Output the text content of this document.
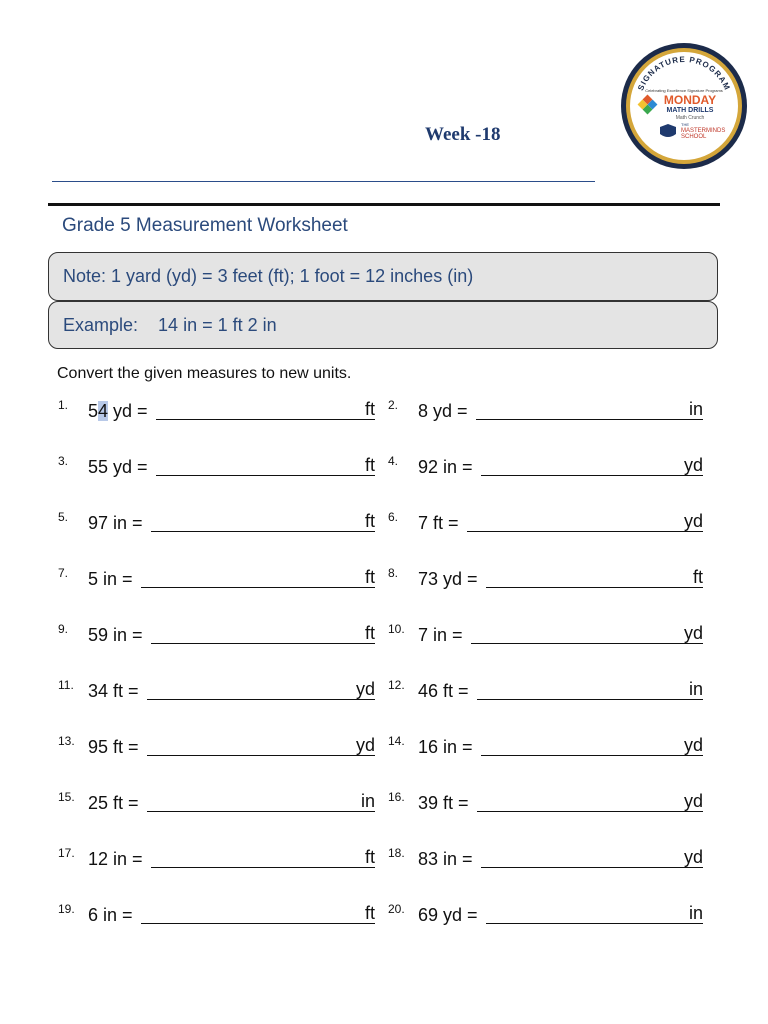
SIGNATURE PROGRAM
Celebrating Excellence Signature Programs
MONDAY
MATH DRILLS
Math Crunch
THE
MASTERMINDS
SCHOOL
Week -18
Grade 5 Measurement Worksheet
Note: 1 yard (yd) = 3 feet (ft); 1 foot = 12 inches (in)
Example: 14 in = 1 ft 2 in
Convert the given measures to new units.
1.	54 yd =	ft 2.	8 yd =	in
3.	55 yd =	ft 4.	92 in =	yd
5.	97 in =	ft 6.	7 ft =	yd
7.	5 in =	ft 8.	73 yd =	ft
9.	59 in =	ft 10. 7 in =	yd
11. 34 ft =	yd 12. 46 ft =	in
13. 95 ft =	yd 14. 16 in =	yd
15. 25 ft =	in 16. 39 ft =	yd
17. 12 in =	ft 18. 83 in =	yd
19. 6 in =	ft 20. 69 yd =	in
